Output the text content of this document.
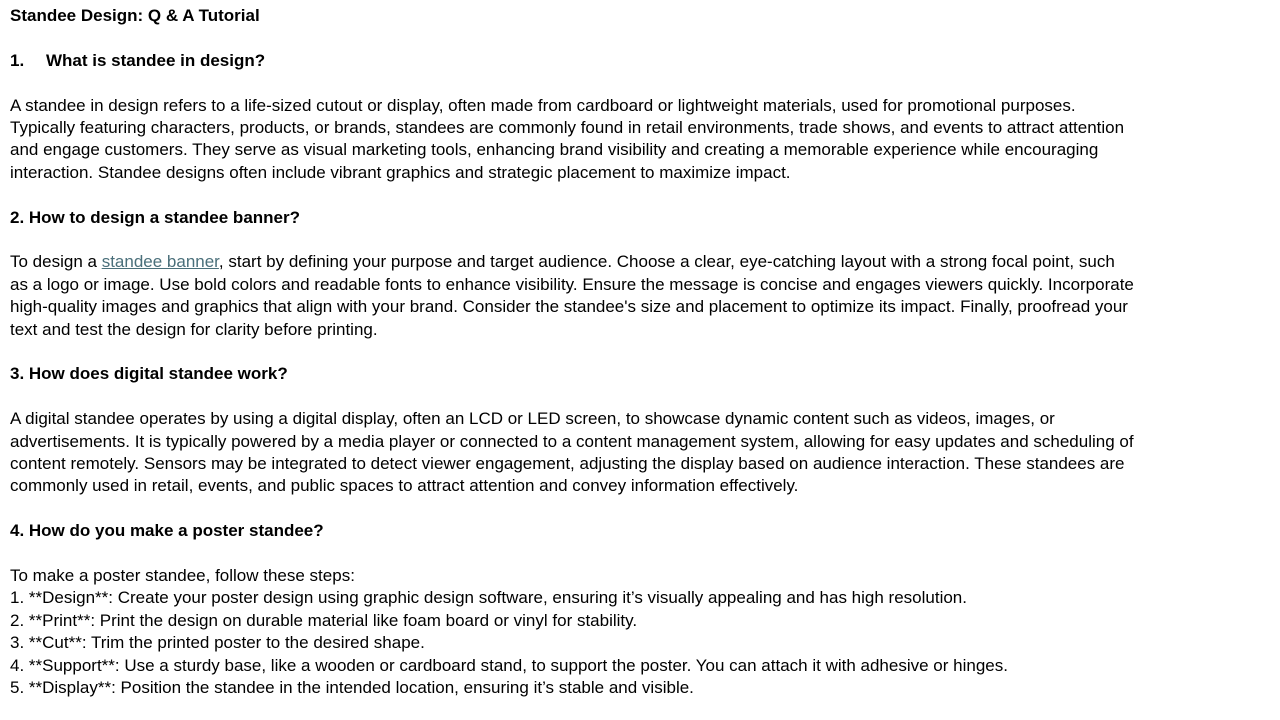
Standee Design: Q & A Tutorial
1. What is standee in design?
A standee in design refers to a life-sized cutout or display, often made from cardboard or lightweight materials, used for promotional purposes.
Typically featuring characters, products, or brands, standees are commonly found in retail environments, trade shows, and events to attract attention
and engage customers. They serve as visual marketing tools, enhancing brand visibility and creating a memorable experience while encouraging
interaction. Standee designs often include vibrant graphics and strategic placement to maximize impact.
2. How to design a standee banner?
To design a standee banner, start by defining your purpose and target audience. Choose a clear, eye-catching layout with a strong focal point, such
as a logo or image. Use bold colors and readable fonts to enhance visibility. Ensure the message is concise and engages viewers quickly. Incorporate
high-quality images and graphics that align with your brand. Consider the standee's size and placement to optimize its impact. Finally, proofread your
text and test the design for clarity before printing.
3. How does digital standee work?
A digital standee operates by using a digital display, often an LCD or LED screen, to showcase dynamic content such as videos, images, or
advertisements. It is typically powered by a media player or connected to a content management system, allowing for easy updates and scheduling of
content remotely. Sensors may be integrated to detect viewer engagement, adjusting the display based on audience interaction. These standees are
commonly used in retail, events, and public spaces to attract attention and convey information effectively.
4. How do you make a poster standee?
To make a poster standee, follow these steps:
1. **Design**: Create your poster design using graphic design software, ensuring it’s visually appealing and has high resolution.
2. **Print**: Print the design on durable material like foam board or vinyl for stability.
3. **Cut**: Trim the printed poster to the desired shape.
4. **Support**: Use a sturdy base, like a wooden or cardboard stand, to support the poster. You can attach it with adhesive or hinges.
5. **Display**: Position the standee in the intended location, ensuring it’s stable and visible.
